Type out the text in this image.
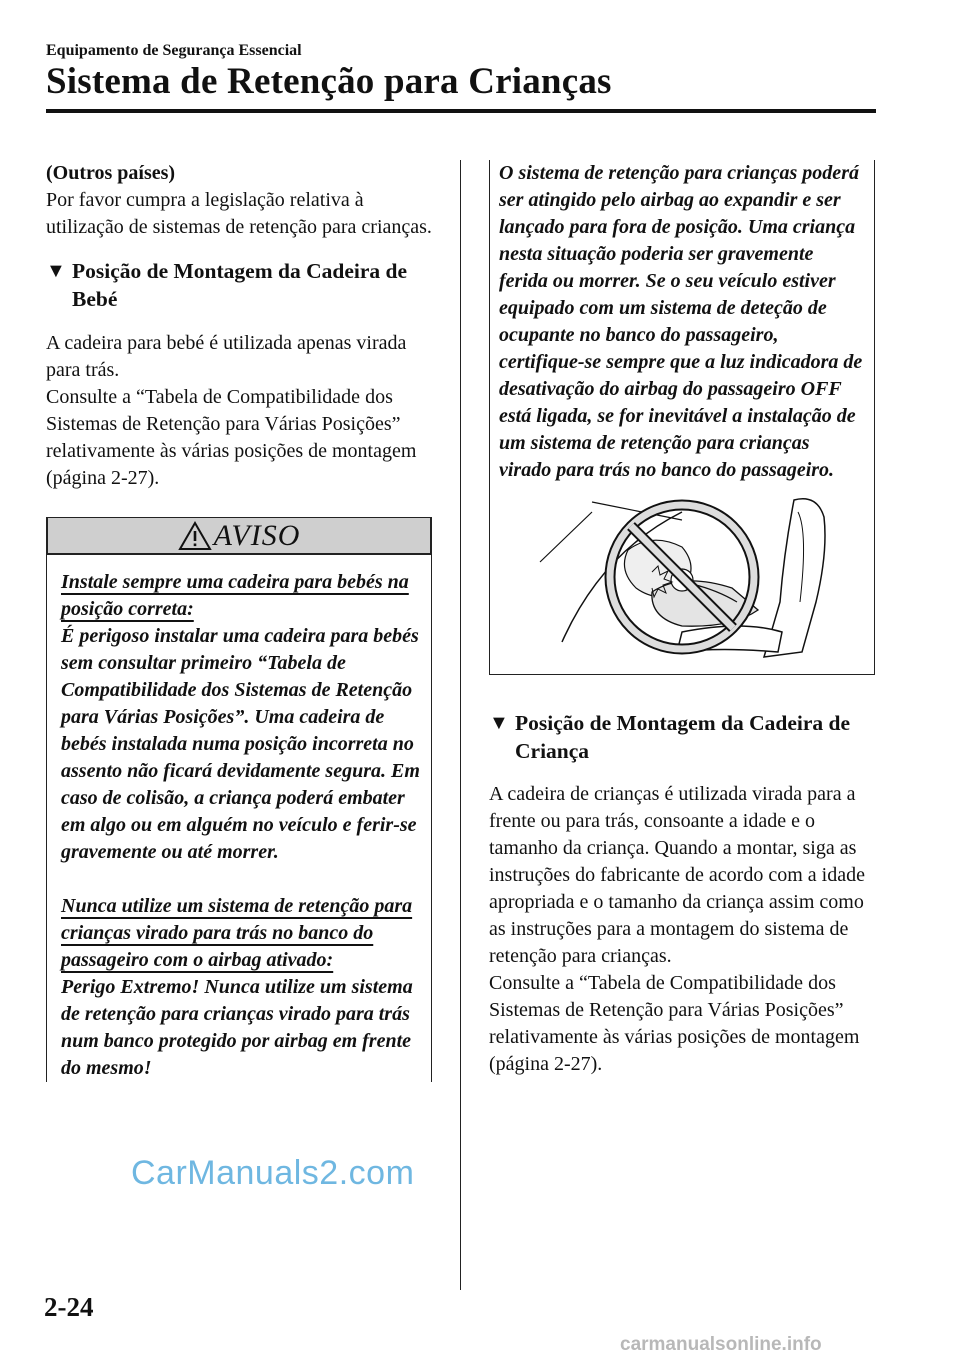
Equipamento de Segurança Essencial
Sistema de Retenção para Crianças
(Outros países)

Por favor cumpra a legislação relativa à utilização de sistemas de retenção para crianças.

▼ Posição de Montagem da Cadeira de Bebé

A cadeira para bebé é utilizada apenas virada para trás.

Consulte a “Tabela de Compatibilidade dos Sistemas de Retenção para Várias Posições” relativamente às várias posições de montagem (página 2-27).

AVISO

Instale sempre uma cadeira para bebés na posição correta:

É perigoso instalar uma cadeira para bebés sem consultar primeiro “Tabela de Compatibilidade dos Sistemas de Retenção para Várias Posições”. Uma cadeira de bebés instalada numa posição incorreta no assento não ficará devidamente segura. Em caso de colisão, a criança poderá embater em algo ou em alguém no veículo e ferir-se gravemente ou até morrer.

Nunca utilize um sistema de retenção para crianças virado para trás no banco do passageiro com o airbag ativado:

Perigo Extremo! Nunca utilize um sistema de retenção para crianças virado para trás num banco protegido por airbag em frente do mesmo!

O sistema de retenção para crianças poderá ser atingido pelo airbag ao expandir e ser lançado para fora de posição. Uma criança nesta situação poderia ser gravemente ferida ou morrer. Se o seu veículo estiver equipado com um sistema de deteção de ocupante no banco do passageiro, certifique-se sempre que a luz indicadora de desativação do airbag do passageiro OFF está ligada, se for inevitável a instalação de um sistema de retenção para crianças virado para trás no banco do passageiro.

▼ Posição de Montagem da Cadeira de Criança

A cadeira de crianças é utilizada virada para a frente ou para trás, consoante a idade e o tamanho da criança. Quando a montar, siga as instruções do fabricante de acordo com a idade apropriada e o tamanho da criança assim como as instruções para a montagem do sistema de retenção para crianças.

Consulte a “Tabela de Compatibilidade dos Sistemas de Retenção para Várias Posições” relativamente às várias posições de montagem (página 2-27).

CarManuals2.com
2-24
carmanualsonline.info
